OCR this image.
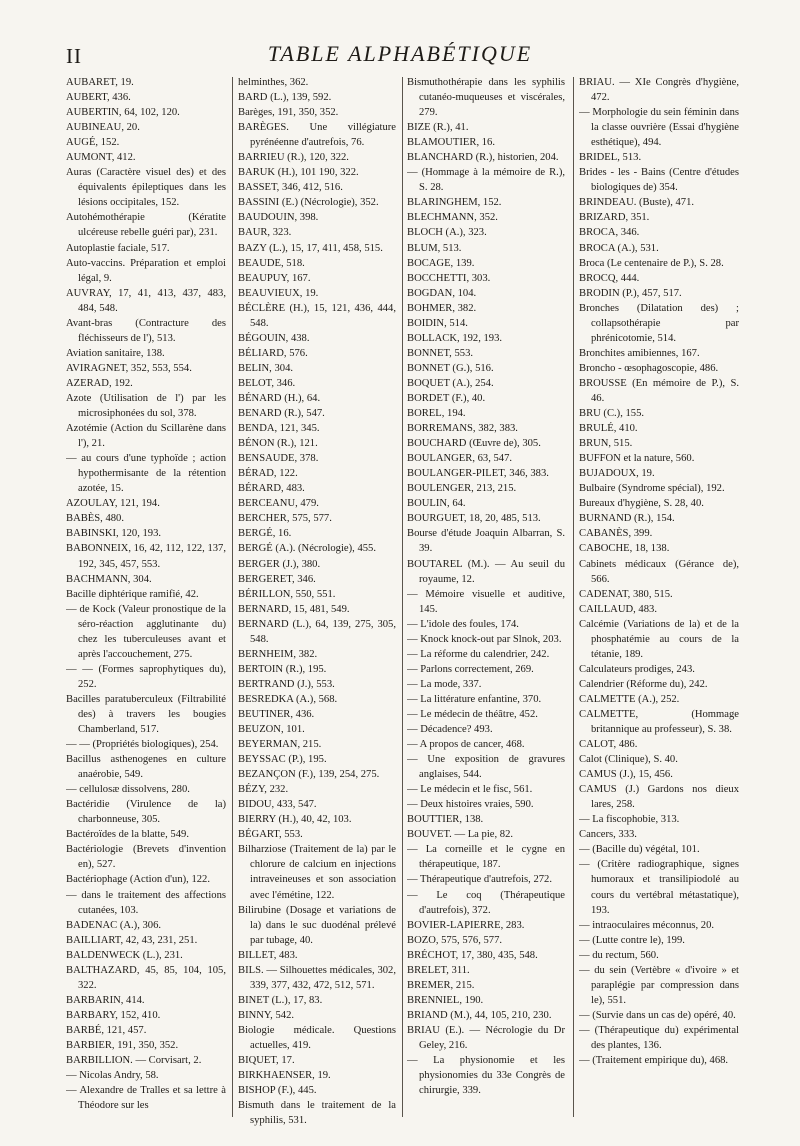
II	TABLE ALPHABÉTIQUE

AUBARET, 19.

AUBERT, 436.

AUBERTIN, 64, 102, 120.

AUBINEAU, 20.

AUGÉ, 152.

AUMONT, 412.

Auras (Caractère visuel des) et des équivalents épileptiques dans les lésions occipitales, 152.

Autohémothérapie (Kératite ulcéreuse rebelle guéri par), 231.

Autoplastie faciale, 517.

Auto-vaccins. Préparation et emploi légal, 9.

AUVRAY, 17, 41, 413, 437, 483, 484, 548.

Avant-bras (Contracture des fléchisseurs de l'), 513.

Aviation sanitaire, 138.

AVIRAGNET, 352, 553, 554.

AZERAD, 192.

Azote (Utilisation de l') par les microsiphonées du sol, 378.

Azotémie (Action du Scillarène dans l'), 21.

— au cours d'une typhoïde ; action hypothermisante de la rétention azotée, 15.

AZOULAY, 121, 194.

BABÈS, 480.

BABINSKI, 120, 193.

BABONNEIX, 16, 42, 112, 122, 137, 192, 345, 457, 553.

BACHMANN, 304.

Bacille diphtérique ramifié, 42.

— de Kock (Valeur pronostique de la séro-réaction agglutinante du) chez les tuberculeuses avant et après l'accouchement, 275.

— — (Formes saprophytiques du), 252.

Bacilles paratuberculeux (Filtrabilité des) à travers les bougies Chamberland, 517.

— — (Propriétés biologiques), 254.

Bacillus asthenogenes en culture anaérobie, 549.

— cellulosæ dissolvens, 280.

Bactéridie (Virulence de la) charbonneuse, 305.

Bactéroïdes de la blatte, 549.

Bactériologie (Brevets d'invention en), 527.

Bactériophage (Action d'un), 122.

— dans le traitement des affections cutanées, 103.

BADENAC (A.), 306.

BAILLIART, 42, 43, 231, 251.

BALDENWECK (L.), 231.

BALTHAZARD, 45, 85, 104, 105, 322.

BARBARIN, 414.

BARBARY, 152, 410.

BARBÉ, 121, 457.

BARBIER, 191, 350, 352.

BARBILLION. — Corvisart, 2.

— Nicolas Andry, 58.

— Alexandre de Tralles et sa lettre à Théodore sur les

helminthes, 362.

BARD (L.), 139, 592.

Barèges, 191, 350, 352.

BARÈGES. Une villégiature pyrénéenne d'autrefois, 76.

BARRIEU (R.), 120, 322.

BARUK (H.), 101 190, 322.

BASSET, 346, 412, 516.

BASSINI (E.) (Nécrologie), 352.

BAUDOUIN, 398.

BAUR, 323.

BAZY (L.), 15, 17, 411, 458, 515.

BEAUDE, 518.

BEAUPUY, 167.

BEAUVIEUX, 19.

BÉCLÈRE (H.), 15, 121, 436, 444, 548.

BÉGOUIN, 438.

BÉLIARD, 576.

BELIN, 304.

BELOT, 346.

BÉNARD (H.), 64.

BENARD (R.), 547.

BENDA, 121, 345.

BÉNON (R.), 121.

BENSAUDE, 378.

BÉRAD, 122.

BÉRARD, 483.

BERCEANU, 479.

BERCHER, 575, 577.

BERGÉ, 16.

BERGÉ (A.). (Nécrologie), 455.

BERGER (J.), 380.

BERGERET, 346.

BÉRILLON, 550, 551.

BERNARD, 15, 481, 549.

BERNARD (L.), 64, 139, 275, 305, 548.

BERNHEIM, 382.

BERTOIN (R.), 195.

BERTRAND (J.), 553.

BESREDKA (A.), 568.

BEUTINER, 436.

BEUZON, 101.

BEYERMAN, 215.

BEYSSAC (P.), 195.

BEZANÇON (F.), 139, 254, 275.

BÉZY, 232.

BIDOU, 433, 547.

BIERRY (H.), 40, 42, 103.

BÉGART, 553.

Bilharziose (Traitement de la) par le chlorure de calcium en injections intraveineuses et son association avec l'émétine, 122.

Bilirubine (Dosage et variations de la) dans le suc duodénal prélevé par tubage, 40.

BILLET, 483.

BILS. — Silhouettes médicales, 302, 339, 377, 432, 472, 512, 571.

BINET (L.), 17, 83.

BINNY, 542.

Biologie médicale. Questions actuelles, 419.

BIQUET, 17.

BIRKHAENSER, 19.

BISHOP (F.), 445.

Bismuth dans le traitement de la syphilis, 531.

Bismuthothérapie dans les syphilis cutanéo-muqueuses et viscérales, 279.

BIZE (R.), 41.

BLAMOUTIER, 16.

BLANCHARD (R.), historien, 204.

— (Hommage à la mémoire de R.), S. 28.

BLARINGHEM, 152.

BLECHMANN, 352.

BLOCH (A.), 323.

BLUM, 513.

BOCAGE, 139.

BOCCHETTI, 303.

BOGDAN, 104.

BOHMER, 382.

BOIDIN, 514.

BOLLACK, 192, 193.

BONNET, 553.

BONNET (G.), 516.

BOQUET (A.), 254.

BORDET (F.), 40.

BOREL, 194.

BORREMANS, 382, 383.

BOUCHARD (Œuvre de), 305.

BOULANGER, 63, 547.

BOULANGER-PILET, 346, 383.

BOULENGER, 213, 215.

BOULIN, 64.

BOURGUET, 18, 20, 485, 513.

Bourse d'étude Joaquin Albarran, S. 39.

BOUTAREL (M.). — Au seuil du royaume, 12.

— Mémoire visuelle et auditive, 145.

— L'idole des foules, 174.

— Knock knock-out par Slnok, 203.

— La réforme du calendrier, 242.

— Parlons correctement, 269.

— La mode, 337.

— La littérature enfantine, 370.

— Le médecin de théâtre, 452.

— Décadence? 493.

— A propos de cancer, 468.

— Une exposition de gravures anglaises, 544.

— Le médecin et le fisc, 561.

— Deux histoires vraies, 590.

BOUTTIER, 138.

BOUVET. — La pie, 82.

— La corneille et le cygne en thérapeutique, 187.

— Thérapeutique d'autrefois, 272.

— Le coq (Thérapeutique d'autrefois), 372.

BOVIER-LAPIERRE, 283.

BOZO, 575, 576, 577.

BRÉCHOT, 17, 380, 435, 548.

BRELET, 311.

BREMER, 215.

BRENNIEL, 190.

BRIAND (M.), 44, 105, 210, 230.

BRIAU (E.). — Nécrologie du Dr Geley, 216.

— La physionomie et les physionomies du 33e Congrès de chirurgie, 339.

BRIAU. — XIe Congrès d'hygiène, 472.

— Morphologie du sein féminin dans la classe ouvrière (Essai d'hygiène esthétique), 494.

BRIDEL, 513.

Brides - les - Bains (Centre d'études biologiques de) 354.

BRINDEAU. (Buste), 471.

BRIZARD, 351.

BROCA, 346.

BROCA (A.), 531.

Broca (Le centenaire de P.), S. 28.

BROCQ, 444.

BRODIN (P.), 457, 517.

Bronches (Dilatation des) ; collapsothérapie par phrénicotomie, 514.

Bronchites amibiennes, 167.

Broncho - œsophagoscopie, 486.

BROUSSE (En mémoire de P.), S. 46.

BRU (C.), 155.

BRULÉ, 410.

BRUN, 515.

BUFFON et la nature, 560.

BUJADOUX, 19.

Bulbaire (Syndrome spécial), 192.

Bureaux d'hygiène, S. 28, 40.

BURNAND (R.), 154.

CABANÈS, 399.

CABOCHE, 18, 138.

Cabinets médicaux (Gérance de), 566.

CADENAT, 380, 515.

CAILLAUD, 483.

Calcémie (Variations de la) et de la phosphatémie au cours de la tétanie, 189.

Calculateurs prodiges, 243.

Calendrier (Réforme du), 242.

CALMETTE (A.), 252.

CALMETTE, (Hommage britannique au professeur), S. 38.

CALOT, 486.

Calot (Clinique), S. 40.

CAMUS (J.), 15, 456.

CAMUS (J.) Gardons nos dieux lares, 258.

— La fiscophobie, 313.

Cancers, 333.

— (Bacille du) végétal, 101.

— (Critère radiographique, signes humoraux et transilipiodolé au cours du vertébral métastatique), 193.

— intraoculaires méconnus, 20.

— (Lutte contre le), 199.

— du rectum, 560.

— du sein (Vertèbre « d'ivoire » et paraplégie par compression dans le), 551.

— (Survie dans un cas de) opéré, 40.

— (Thérapeutique du) expérimental des plantes, 136.

— (Traitement empirique du), 468.
